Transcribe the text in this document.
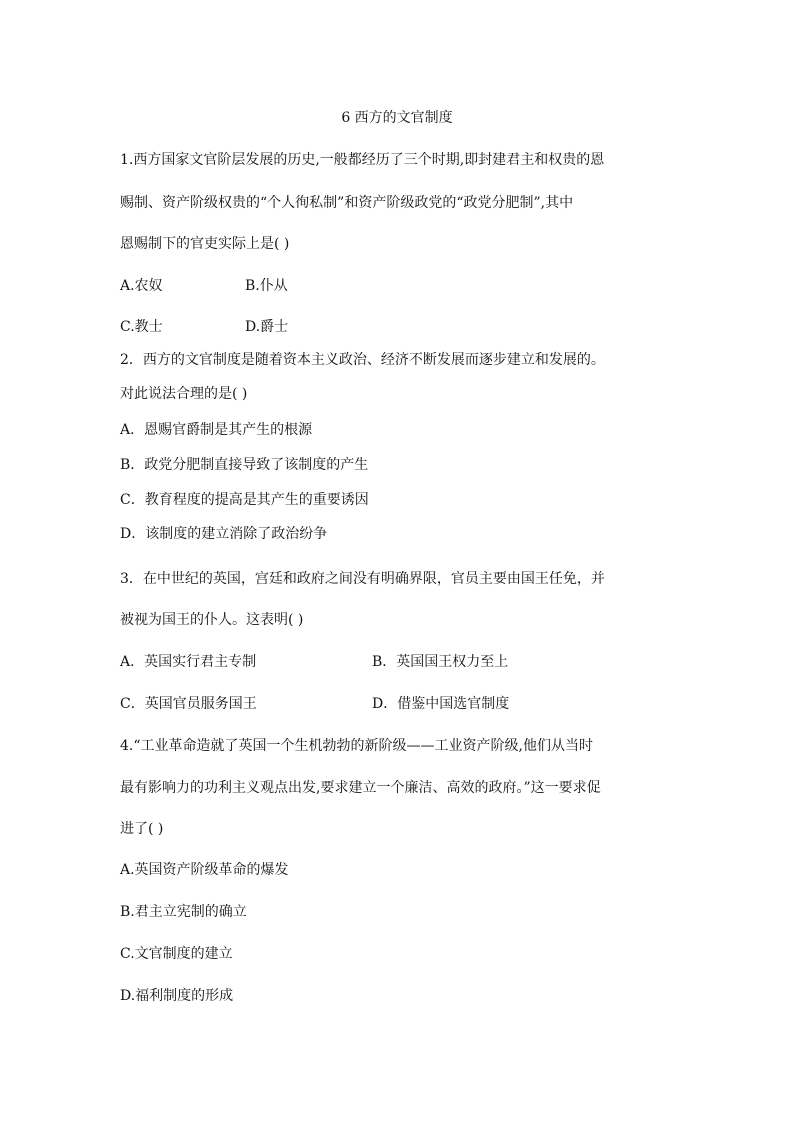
6 西方的文官制度
1.西方国家文官阶层发展的历史,一般都经历了三个时期,即封建君主和权贵的恩
赐制、资产阶级权贵的“个人徇私制”和资产阶级政党的“政党分肥制”,其中
恩赐制下的官吏实际上是( )
A.农奴	B.仆从
C.教士	D.爵士
2．西方的文官制度是随着资本主义政治、经济不断发展而逐步建立和发展的。
对此说法合理的是( )
A．恩赐官爵制是其产生的根源
B．政党分肥制直接导致了该制度的产生
C．教育程度的提高是其产生的重要诱因
D．该制度的建立消除了政治纷争
3．在中世纪的英国，宫廷和政府之间没有明确界限，官员主要由国王任免，并
被视为国王的仆人。这表明( )
A．英国实行君主专制	B．英国国王权力至上
C．英国官员服务国王	D．借鉴中国选官制度
4.“工业革命造就了英国一个生机勃勃的新阶级——工业资产阶级,他们从当时
最有影响力的功利主义观点出发,要求建立一个廉洁、高效的政府。”这一要求促
进了( )
A.英国资产阶级革命的爆发
B.君主立宪制的确立
C.文官制度的建立
D.福利制度的形成
